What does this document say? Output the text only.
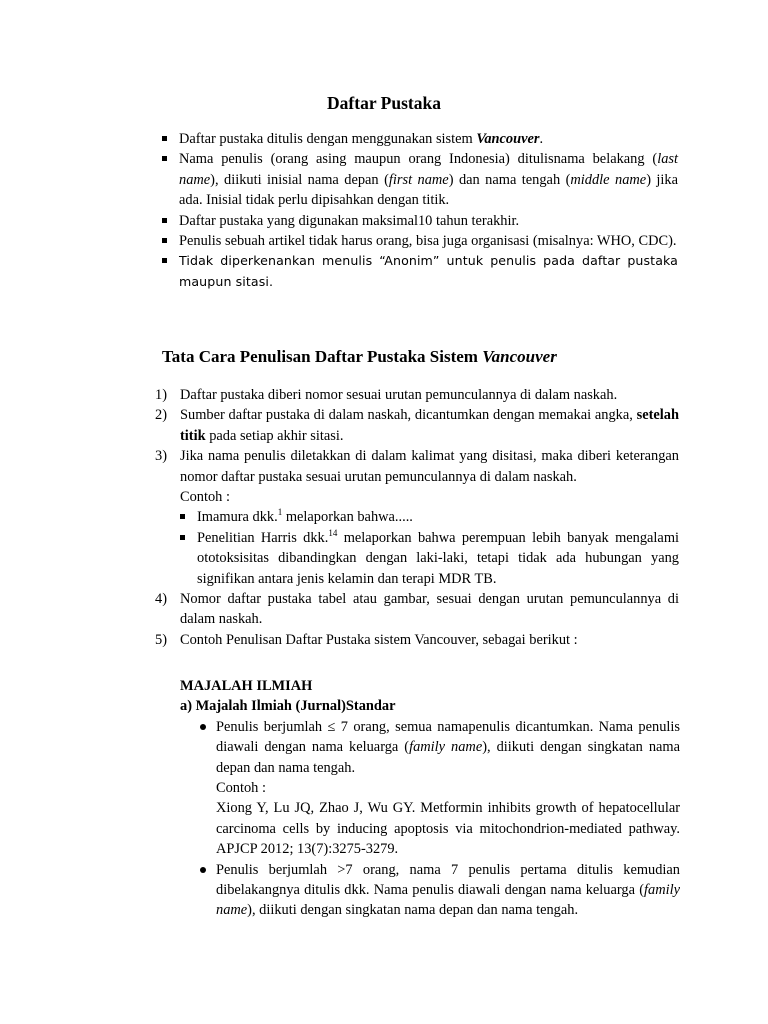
Daftar Pustaka
Daftar pustaka ditulis dengan menggunakan sistem Vancouver.
Nama penulis (orang asing maupun orang Indonesia) ditulisnama belakang (last name), diikuti inisial nama depan (first name) dan nama tengah (middle name) jika ada. Inisial tidak perlu dipisahkan dengan titik.
Daftar pustaka yang digunakan maksimal10 tahun terakhir.
Penulis sebuah artikel tidak harus orang, bisa juga organisasi (misalnya: WHO, CDC).
Tidak diperkenankan menulis “Anonim” untuk penulis pada daftar pustaka maupun sitasi.
Tata Cara Penulisan Daftar Pustaka Sistem Vancouver
1) Daftar pustaka diberi nomor sesuai urutan pemunculannya di dalam naskah.
2) Sumber daftar pustaka di dalam naskah, dicantumkan dengan memakai angka, setelah titik pada setiap akhir sitasi.
3) Jika nama penulis diletakkan di dalam kalimat yang disitasi, maka diberi keterangan nomor daftar pustaka sesuai urutan pemunculannya di dalam naskah.
Contoh :
Imamura dkk.$^1$ melaporkan bahwa.....
Penelitian Harris dkk.$^{14}$ melaporkan bahwa perempuan lebih banyak mengalami ototoksisitas dibandingkan dengan laki-laki, tetapi tidak ada hubungan yang signifikan antara jenis kelamin dan terapi MDR TB.
4) Nomor daftar pustaka tabel atau gambar, sesuai dengan urutan pemunculannya di dalam naskah.
5) Contoh Penulisan Daftar Pustaka sistem Vancouver, sebagai berikut :
MAJALAH ILMIAH
a) Majalah Ilmiah (Jurnal)Standar
Penulis berjumlah ≤ 7 orang, semua namapenulis dicantumkan. Nama penulis diawali dengan nama keluarga (family name), diikuti dengan singkatan nama depan dan nama tengah.
Contoh :
Xiong Y, Lu JQ, Zhao J, Wu GY. Metformin inhibits growth of hepatocellular carcinoma cells by inducing apoptosis via mitochondrion-mediated pathway. APJCP 2012; 13(7):3275-3279.
Penulis berjumlah >7 orang, nama 7 penulis pertama ditulis kemudian dibelakangnya ditulis dkk. Nama penulis diawali dengan nama keluarga (family name), diikuti dengan singkatan nama depan dan nama tengah.
